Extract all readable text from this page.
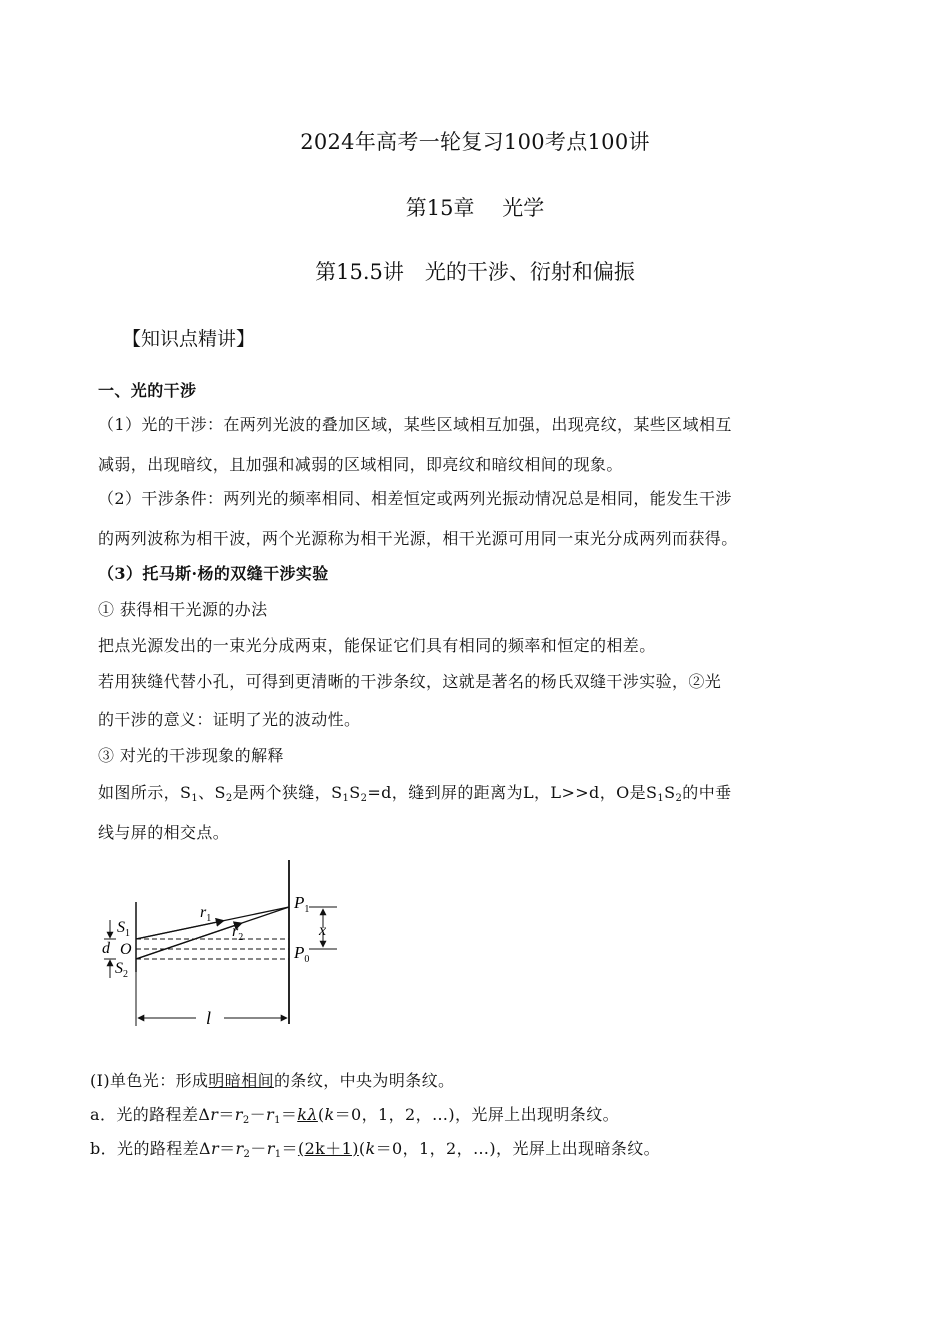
2024年高考一轮复习100考点100讲
第15章　 光学
第15.5讲　光的干涉、衍射和偏振
【知识点精讲】
一、光的干涉
（1）光的干涉：在两列光波的叠加区域，某些区域相互加强，出现亮纹，某些区域相互
减弱，出现暗纹，且加强和减弱的区域相同，即亮纹和暗纹相间的现象。
（2）干涉条件：两列光的频率相同、相差恒定或两列光振动情况总是相同，能发生干涉
的两列波称为相干波，两个光源称为相干光源，相干光源可用同一束光分成两列而获得。
（3）托马斯·杨的双缝干涉实验
① 获得相干光源的办法
把点光源发出的一束光分成两束，能保证它们具有相同的频率和恒定的相差。
若用狭缝代替小孔，可得到更清晰的干涉条纹，这就是著名的杨氏双缝干涉实验，②光
的干涉的意义：证明了光的波动性。
③ 对光的干涉现象的解释
如图所示，$S_1$、$S_2$是两个狭缝，$S_1S_2=d$，缝到屏的距离为L，L>>d，O是$S_1S_2$的中垂
线与屏的相交点。
$S_1$
d O
$S_2$
$r_1$
$r_2$
$P_1$
$P_0$
x
l
(Ⅰ)单色光：形成明暗相间的条纹，中央为明条纹。
a．光的路程差$\Delta r=r_2-r_1=k\lambda(k=0$，1，2，…)，光屏上出现明条纹。
b．光的路程差$\Delta r=r_2-r_1=(2k+1)(k=0$，1，2，…)，光屏上出现暗条纹。
